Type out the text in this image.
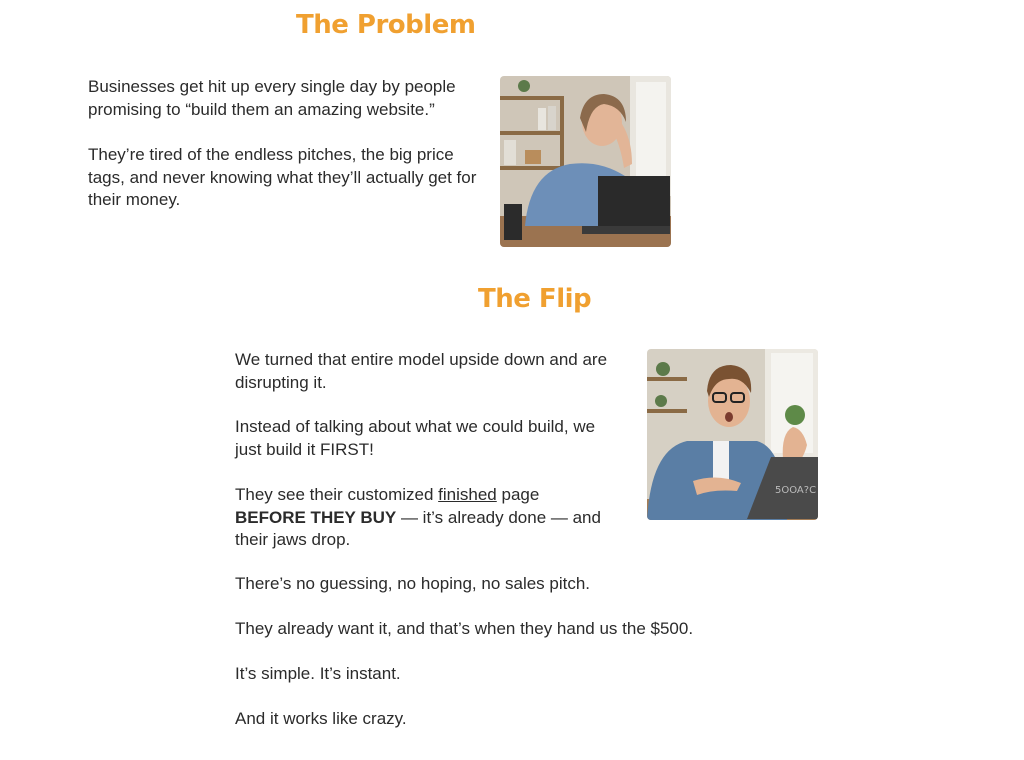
The Problem

Businesses get hit up every single day by people promising to “build them an amazing website.”

They’re tired of the endless pitches, the big price tags, and never knowing what they’ll actually get for their money.

The Flip

We turned that entire model upside down and are disrupting it.

Instead of talking about what we could build, we just build it FIRST!

They see their customized finished page
BEFORE THEY BUY — it’s already done — and their jaws drop.

There’s no guessing, no hoping, no sales pitch.

They already want it, and that’s when they hand us the $500.

It’s simple. It’s instant.

And it works like crazy.

5OOA?C
